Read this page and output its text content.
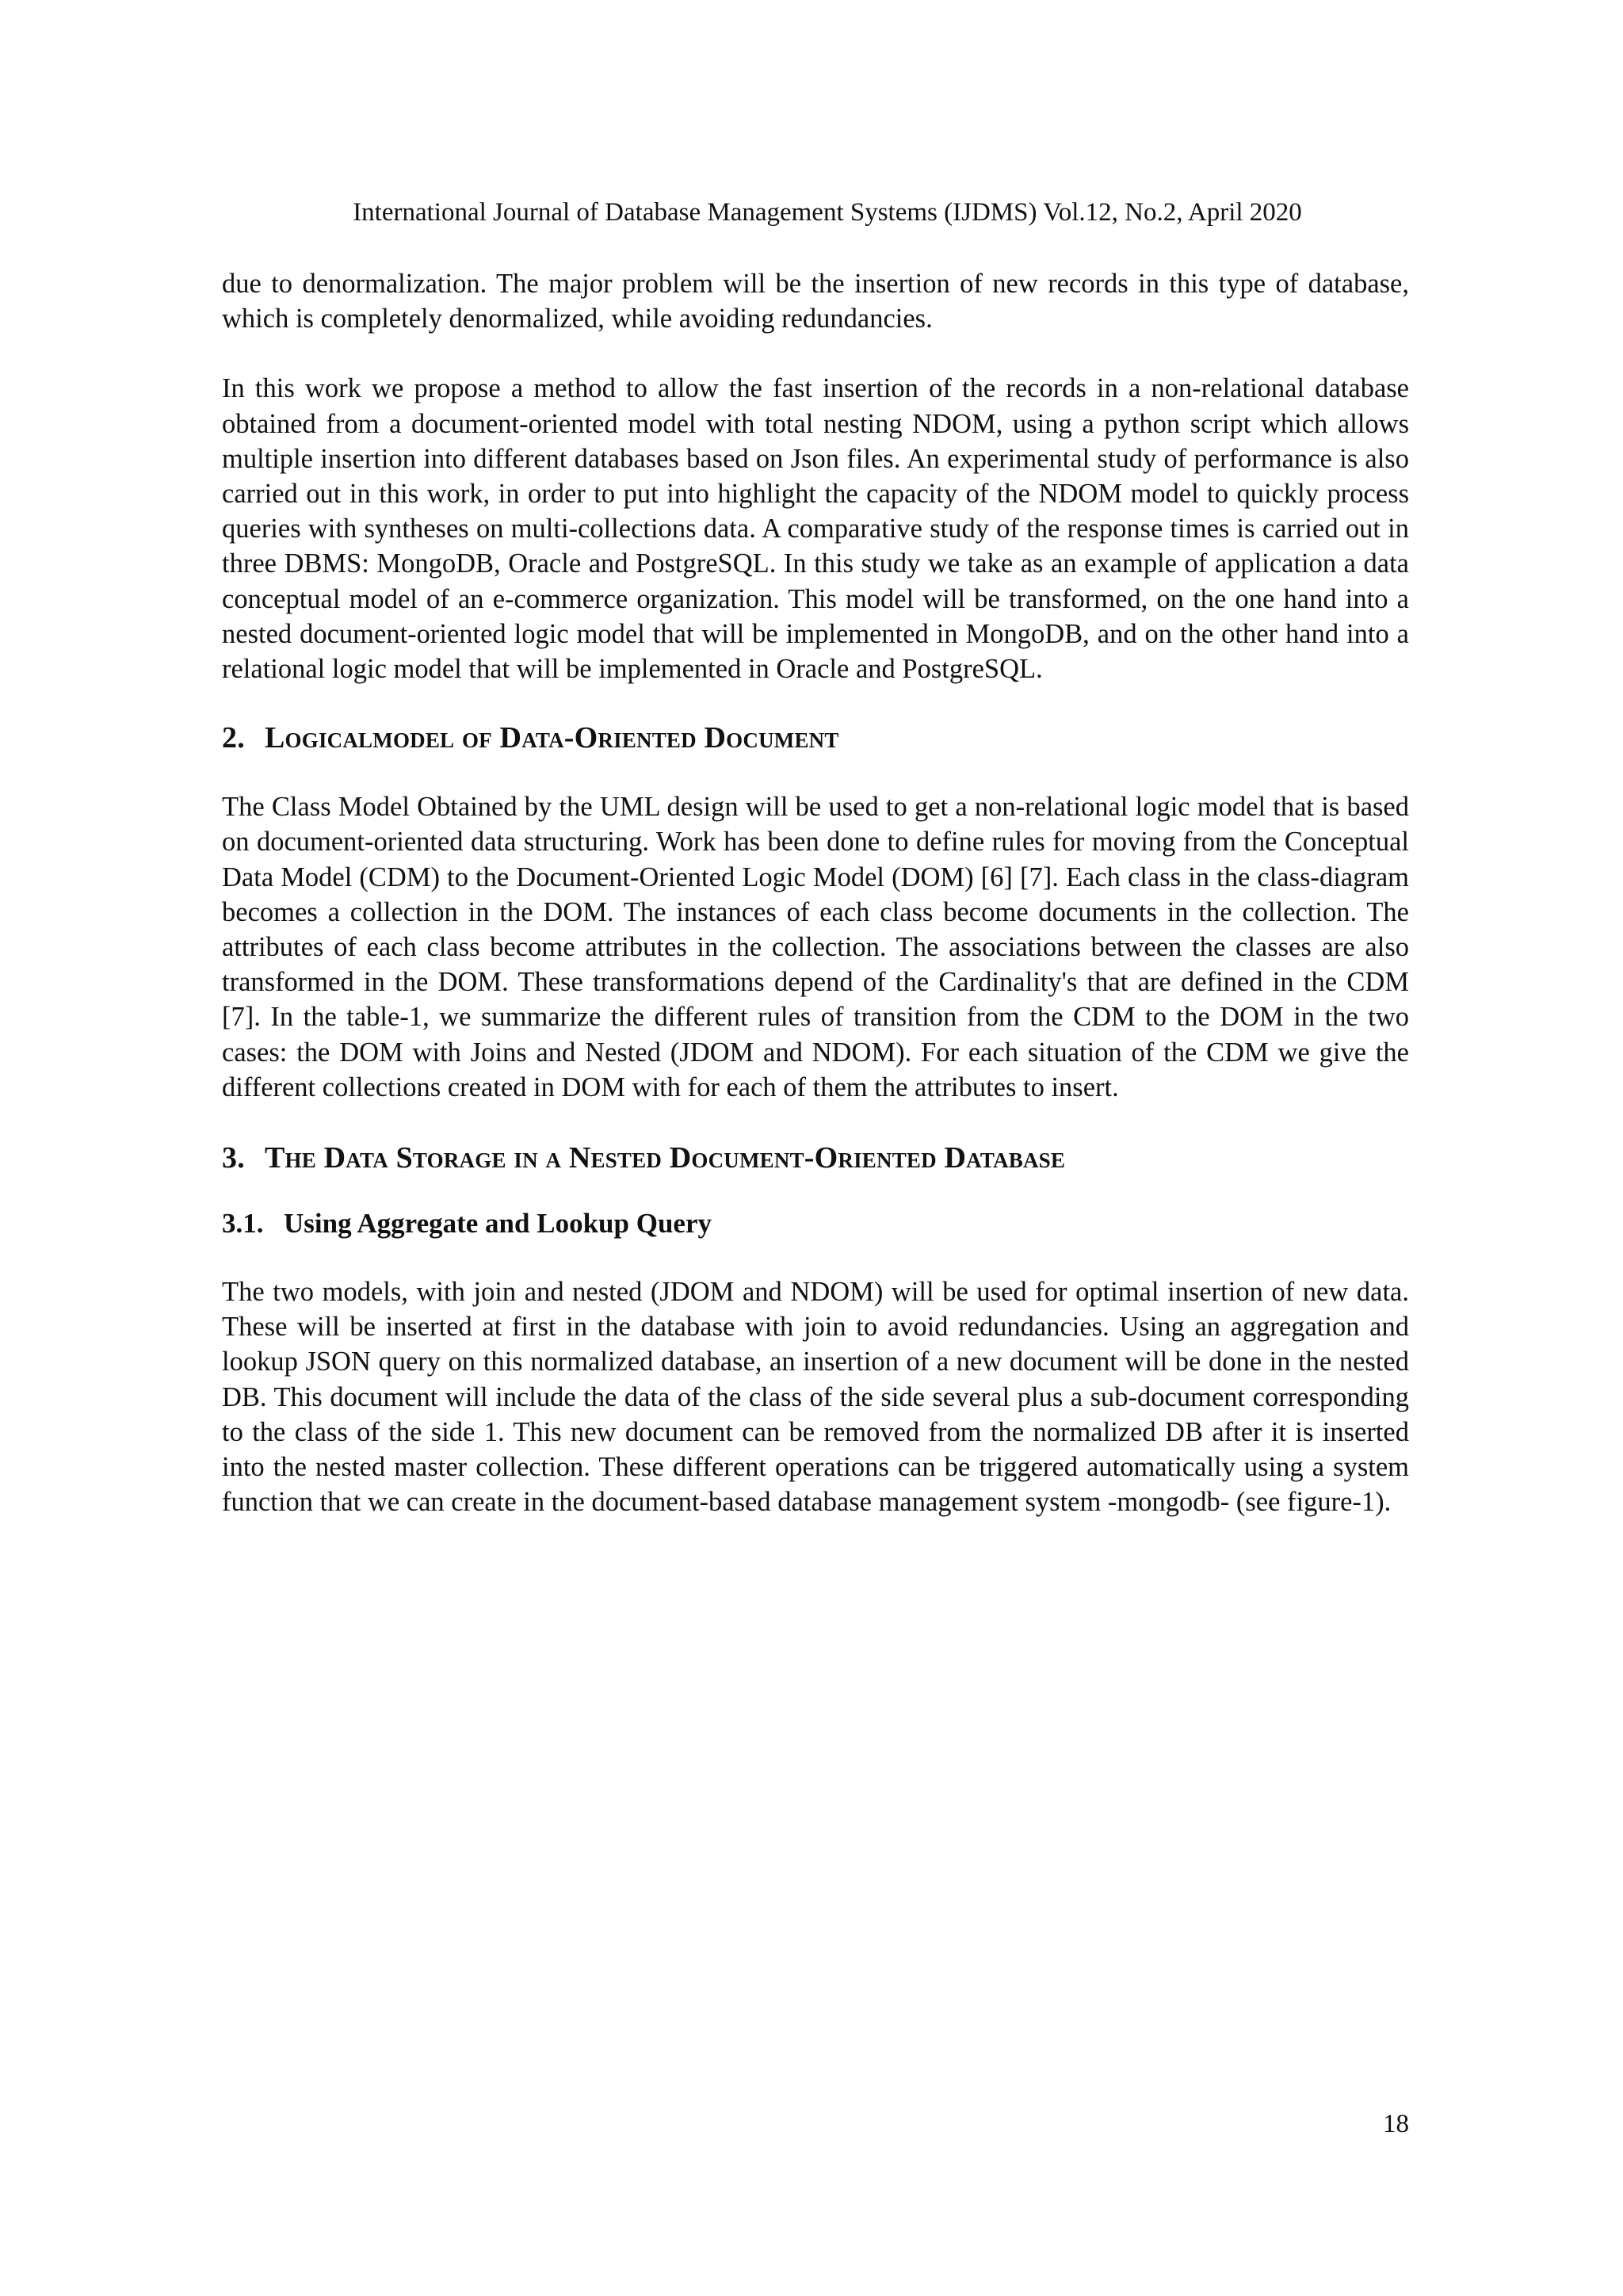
International Journal of Database Management Systems (IJDMS) Vol.12, No.2, April 2020

due to denormalization. The major problem will be the insertion of new records in this type of database, which is completely denormalized, while avoiding redundancies.

In this work we propose a method to allow the fast insertion of the records in a non-relational database obtained from a document-oriented model with total nesting NDOM, using a python script which allows multiple insertion into different databases based on Json files. An experimental study of performance is also carried out in this work, in order to put into highlight the capacity of the NDOM model to quickly process queries with syntheses on multi-collections data. A comparative study of the response times is carried out in three DBMS: MongoDB, Oracle and PostgreSQL. In this study we take as an example of application a data conceptual model of an e-commerce organization. This model will be transformed, on the one hand into a nested document-oriented logic model that will be implemented in MongoDB, and on the other hand into a relational logic model that will be implemented in Oracle and PostgreSQL.

2. Logicalmodel of Data-Oriented Document

The Class Model Obtained by the UML design will be used to get a non-relational logic model that is based on document-oriented data structuring. Work has been done to define rules for moving from the Conceptual Data Model (CDM) to the Document-Oriented Logic Model (DOM) [6] [7]. Each class in the class-diagram becomes a collection in the DOM. The instances of each class become documents in the collection. The attributes of each class become attributes in the collection. The associations between the classes are also transformed in the DOM. These transformations depend of the Cardinality's that are defined in the CDM [7]. In the table-1, we summarize the different rules of transition from the CDM to the DOM in the two cases: the DOM with Joins and Nested (JDOM and NDOM). For each situation of the CDM we give the different collections created in DOM with for each of them the attributes to insert.

3. The Data Storage in a Nested Document-Oriented Database
3.1. Using Aggregate and Lookup Query

The two models, with join and nested (JDOM and NDOM) will be used for optimal insertion of new data. These will be inserted at first in the database with join to avoid redundancies. Using an aggregation and lookup JSON query on this normalized database, an insertion of a new document will be done in the nested DB. This document will include the data of the class of the side several plus a sub-document corresponding to the class of the side 1. This new document can be removed from the normalized DB after it is inserted into the nested master collection. These different operations can be triggered automatically using a system function that we can create in the document-based database management system -mongodb- (see figure-1).

18
